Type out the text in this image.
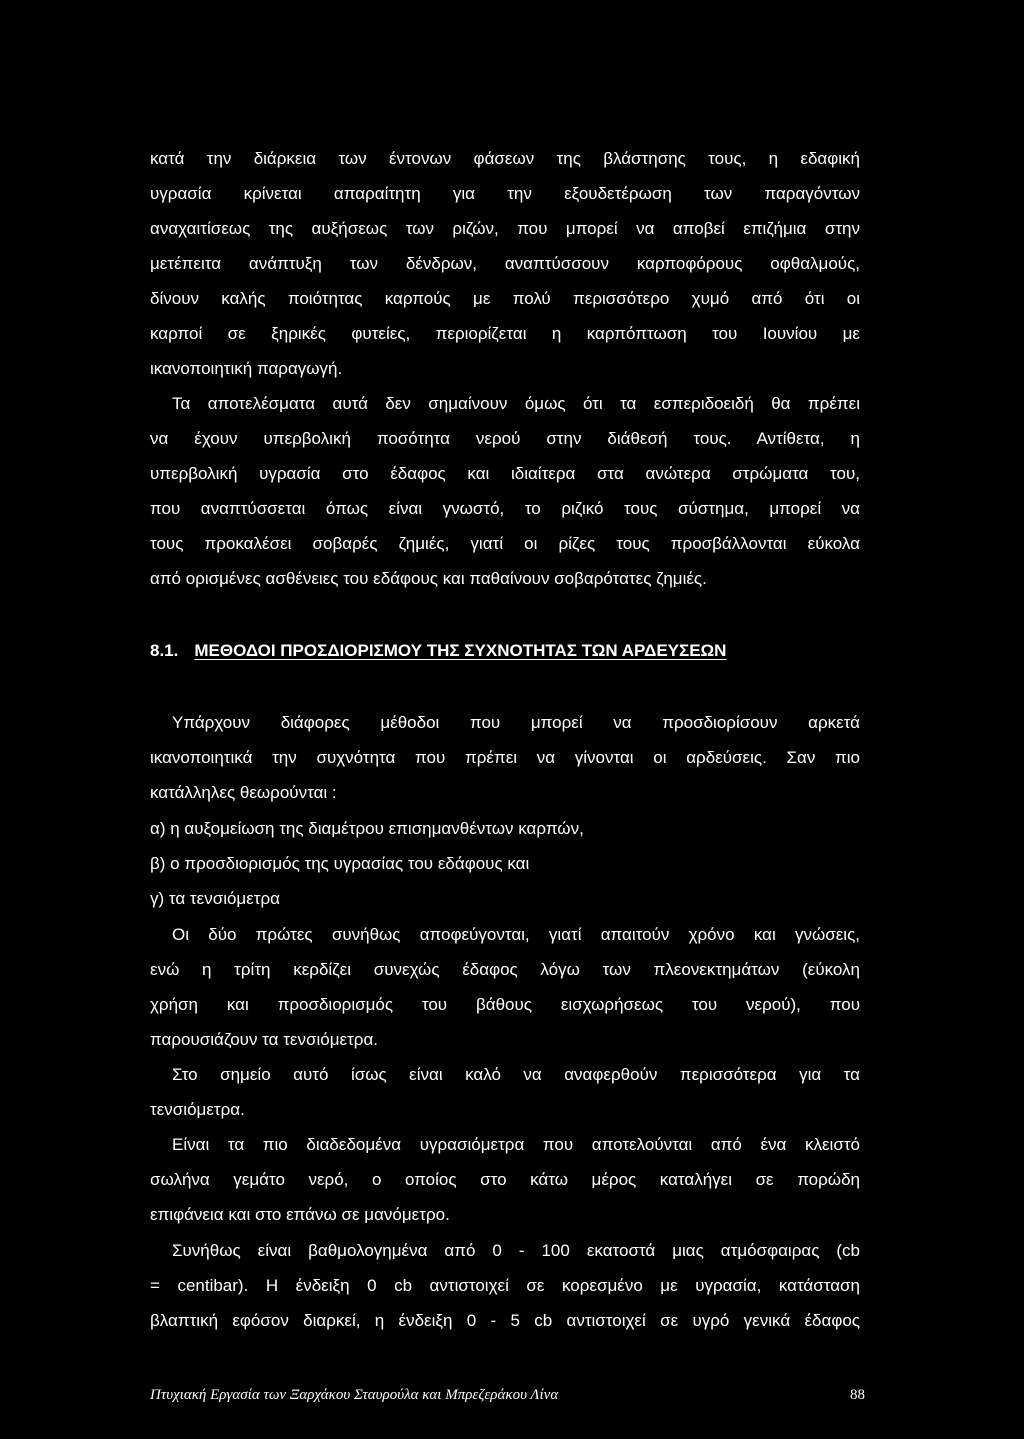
κατά την διάρκεια των έντονων φάσεων της βλάστησης τους, η εδαφική
υγρασία κρίνεται απαραίτητη για την εξουδετέρωση των παραγόντων
αναχαιτίσεως της αυξήσεως των ριζών, που μπορεί να αποβεί επιζήμια στην
μετέπειτα ανάπτυξη των δένδρων, αναπτύσσουν καρποφόρους οφθαλμούς,
δίνουν καλής ποιότητας καρπούς με πολύ περισσότερο χυμό από ότι οι
καρποί σε ξηρικές φυτείες, περιορίζεται η καρπόπτωση του Ιουνίου με
ικανοποιητική παραγωγή.
Τα αποτελέσματα αυτά δεν σημαίνουν όμως ότι τα εσπεριδοειδή θα πρέπει
να έχουν υπερβολική ποσότητα νερού στην διάθεσή τους. Αντίθετα, η
υπερβολική υγρασία στο έδαφος και ιδιαίτερα στα ανώτερα στρώματα του,
που αναπτύσσεται όπως είναι γνωστό, το ριζικό τους σύστημα, μπορεί να
τους προκαλέσει σοβαρές ζημιές, γιατί οι ρίζες τους προσβάλλονται εύκολα
από ορισμένες ασθένειες του εδάφους και παθαίνουν σοβαρότατες ζημιές.
8.1. ΜΕΘΟΔΟΙ ΠΡΟΣΔΙΟΡΙΣΜΟΥ ΤΗΣ ΣΥΧΝΟΤΗΤΑΣ ΤΩΝ ΑΡΔΕΥΣΕΩΝ
Υπάρχουν διάφορες μέθοδοι που μπορεί να προσδιορίσουν αρκετά
ικανοποιητικά την συχνότητα που πρέπει να γίνονται οι αρδεύσεις. Σαν πιο
κατάλληλες θεωρούνται :
α) η αυξομείωση της διαμέτρου επισημανθέντων καρπών,
β) ο προσδιορισμός της υγρασίας του εδάφους και
γ) τα τενσιόμετρα
Οι δύο πρώτες συνήθως αποφεύγονται, γιατί απαιτούν χρόνο και γνώσεις,
ενώ η τρίτη κερδίζει συνεχώς έδαφος λόγω των πλεονεκτημάτων (εύκολη
χρήση και προσδιορισμός του βάθους εισχωρήσεως του νερού), που
παρουσιάζουν τα τενσιόμετρα.
Στο σημείο αυτό ίσως είναι καλό να αναφερθούν περισσότερα για τα
τενσιόμετρα.
Είναι τα πιο διαδεδομένα υγρασιόμετρα που αποτελούνται από ένα κλειστό
σωλήνα γεμάτο νερό, ο οποίος στο κάτω μέρος καταλήγει σε πορώδη
επιφάνεια και στο επάνω σε μανόμετρο.
Συνήθως είναι βαθμολογημένα από 0 - 100 εκατοστά μιας ατμόσφαιρας (cb
= centibar). Η ένδειξη 0 cb αντιστοιχεί σε κορεσμένο με υγρασία, κατάσταση
βλαπτική εφόσον διαρκεί, η ένδειξη 0 - 5 cb αντιστοιχεί σε υγρό γενικά έδαφος
Πτυχιακή Εργασία των Ξαρχάκου Σταυρούλα και Μπρεζεράκου Λίνα	88
